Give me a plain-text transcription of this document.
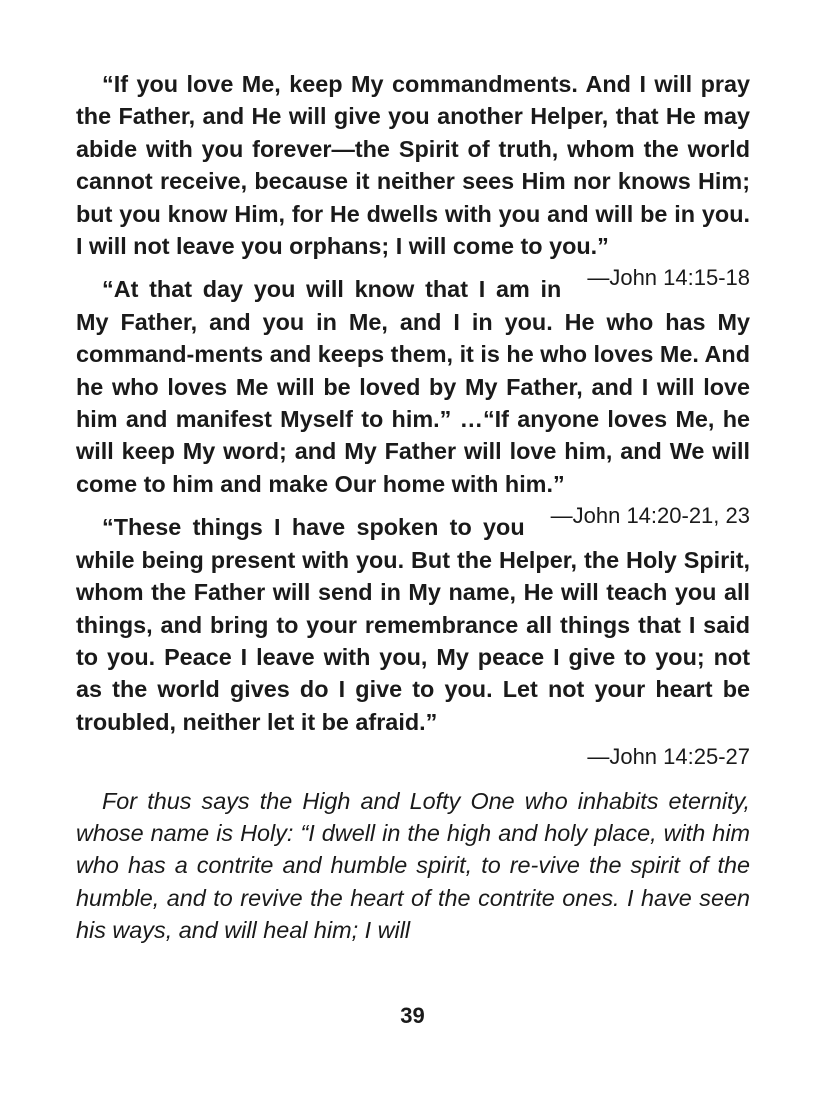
“If you love Me, keep My commandments. And I will pray the Father, and He will give you another Helper, that He may abide with you forever—the Spirit of truth, whom the world cannot receive, because it neither sees Him nor knows Him; but you know Him, for He dwells with you and will be in you. I will not leave you orphans; I will come to you.”
—John 14:15-18

“At that day you will know that I am in My Father, and you in Me, and I in you. He who has My command-ments and keeps them, it is he who loves Me. And he who loves Me will be loved by My Father, and I will love him and manifest Myself to him.” …“If anyone loves Me, he will keep My word; and My Father will love him, and We will come to him and make Our home with him.”
—John 14:20-21, 23

“These things I have spoken to you while being present with you. But the Helper, the Holy Spirit, whom the Father will send in My name, He will teach you all things, and bring to your remembrance all things that I said to you. Peace I leave with you, My peace I give to you; not as the world gives do I give to you. Let not your heart be troubled, neither let it be afraid.”

—John 14:25-27

For thus says the High and Lofty One who inhabits eternity, whose name is Holy: “I dwell in the high and holy place, with him who has a contrite and humble spirit, to re-vive the spirit of the humble, and to revive the heart of the contrite ones. I have seen his ways, and will heal him; I will

39
